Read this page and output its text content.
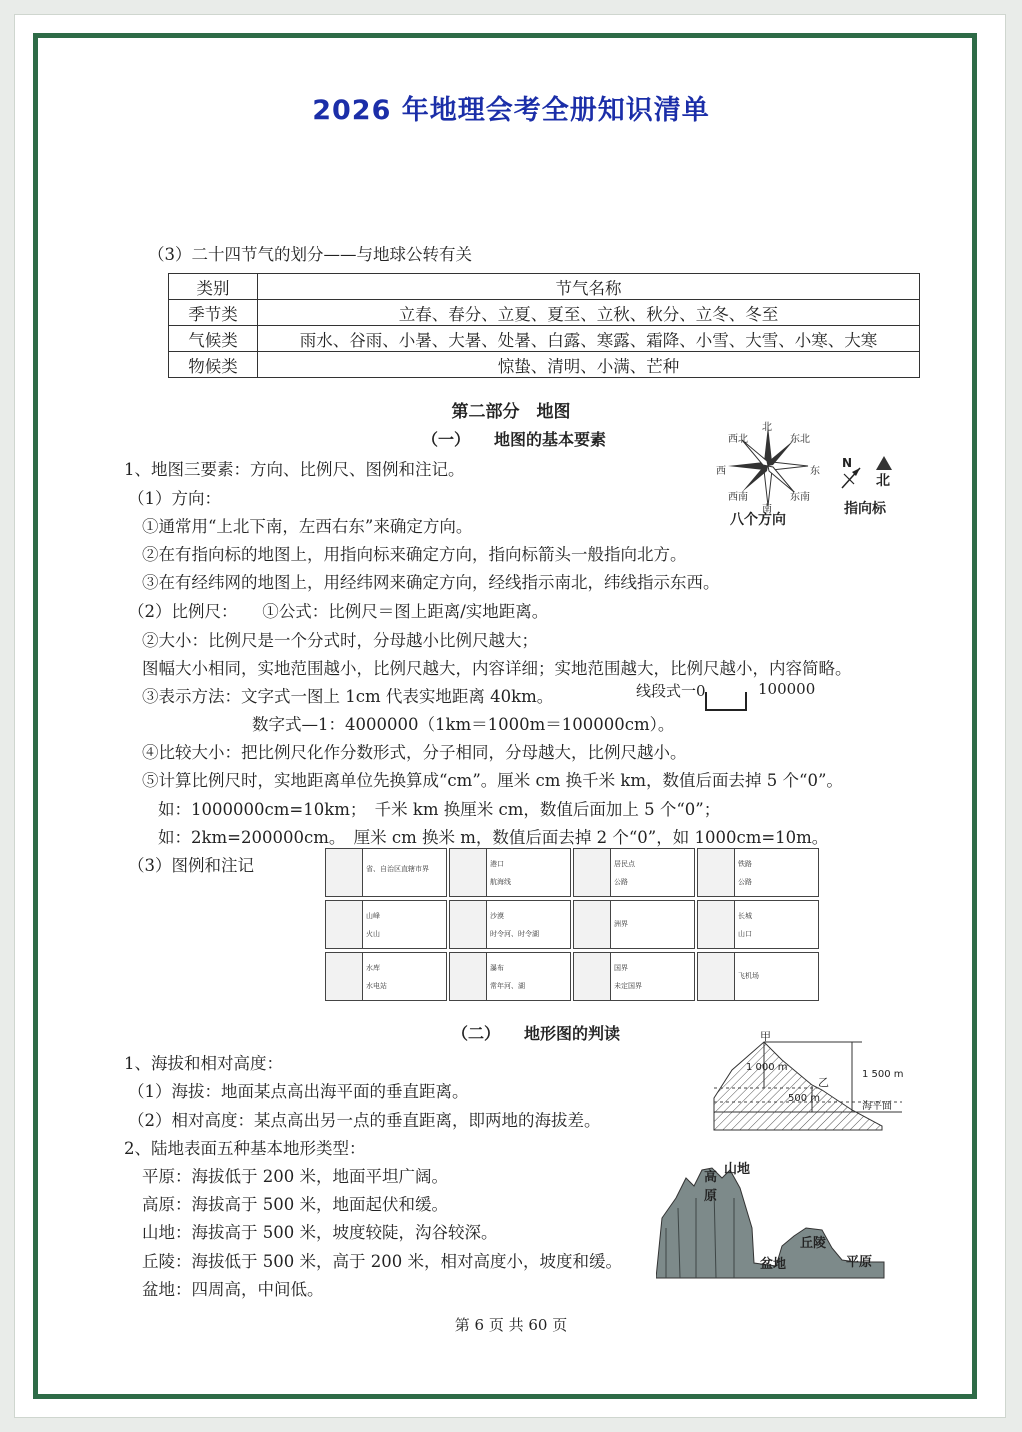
2026 年地理会考全册知识清单
（3）二十四节气的划分——与地球公转有关
类别	节气名称
季节类	立春、春分、立夏、夏至、立秋、秋分、立冬、冬至
气候类	雨水、谷雨、小暑、大暑、处暑、白露、寒露、霜降、小雪、大雪、小寒、大寒
物候类	惊蛰、清明、小满、芒种
第二部分　地图
（一）　　地图的基本要素
1、地图三要素：方向、比例尺、图例和注记。
（1）方向：
①通常用“上北下南，左西右东”来确定方向。
②在有指向标的地图上，用指向标来确定方向，指向标箭头一般指向北方。
③在有经纬网的地图上，用经纬网来确定方向，经线指示南北，纬线指示东西。
（2）比例尺：　　①公式：比例尺＝图上距离/实地距离。
②大小：比例尺是一个分式时，分母越小比例尺越大；
图幅大小相同，实地范围越小，比例尺越大，内容详细；实地范围越大，比例尺越小，内容简略。
③表示方法：文字式一图上 1cm 代表实地距离 40km。
数字式—1：4000000（1km＝1000m＝100000cm）。
④比较大小：把比例尺化作分数形式，分子相同，分母越大，比例尺越小。
⑤计算比例尺时，实地距离单位先换算成“cm”。厘米 cm 换千米 km，数值后面去掉 5 个“0”。
如：1000000cm=10km；　千米 km 换厘米 cm，数值后面加上 5 个“0”；
如：2km=200000cm。　厘米 cm 换米 m，数值后面去掉 2 个“0”，如 1000cm=10m。
（3）图例和注记
线段式一0	100000
北
东北
东
东南
南
西南
西
西北
八个方向
N
北
指向标
省、自治区直辖市界
港口
航海线
居民点
公路
铁路
公路
山峰
火山
沙漠
时令河、时令湖
洲界
长城
山口
水库
水电站
瀑布
常年河、湖
国界
未定国界
飞机场
（二）　　地形图的判读
1、海拔和相对高度：
（1）海拔：地面某点高出海平面的垂直距离。
（2）相对高度：某点高出另一点的垂直距离，即两地的海拔差。
2、陆地表面五种基本地形类型：
平原：海拔低于 200 米，地面平坦广阔。
高原：海拔高于 500 米，地面起伏和缓。
山地：海拔高于 500 米，坡度较陡，沟谷较深。
丘陵：海拔低于 500 米，高于 200 米，相对高度小，坡度和缓。
盆地：四周高，中间低。
甲
乙
1 000 m
500 m
1 500 m
海平面
高原
山地
丘陵
盆地	平原
第 6 页 共 60 页
